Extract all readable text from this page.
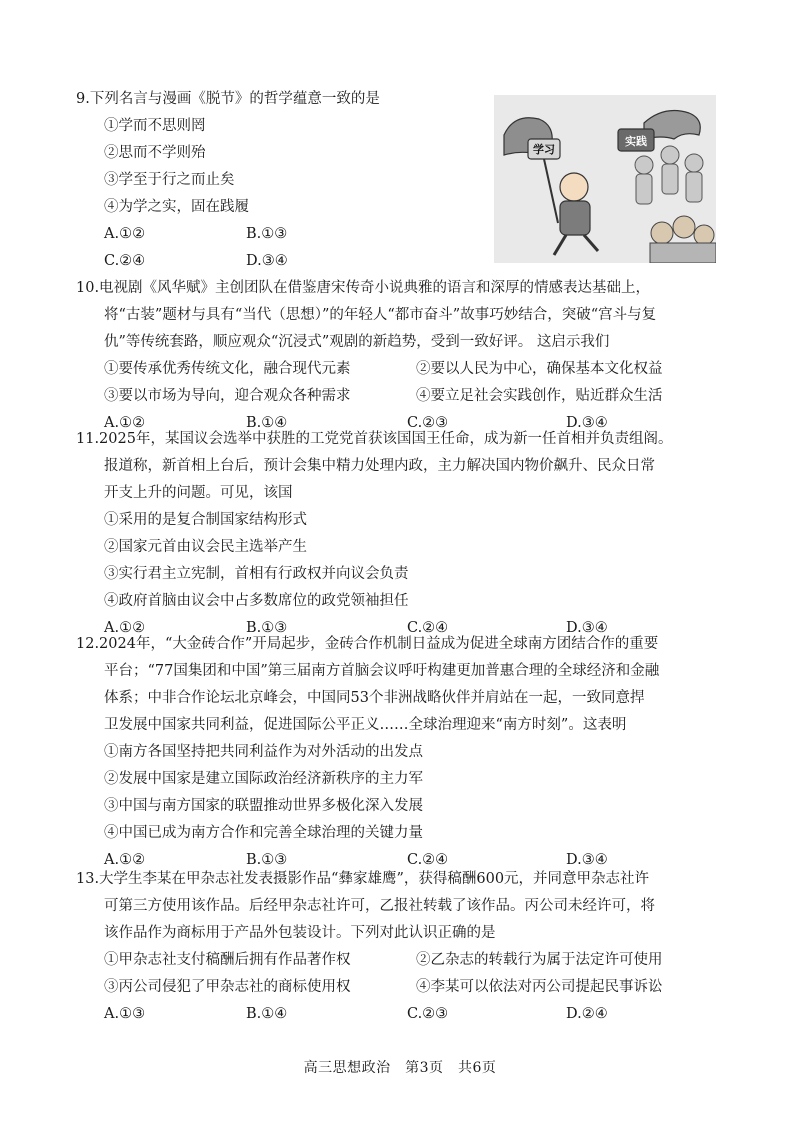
9.下列名言与漫画《脱节》的哲学蕴意一致的是
①学而不思则罔
②思而不学则殆
③学至于行之而止矣
④为学之实，固在践履
A.①②	B.①③
C.②④	D.③④
实践
学习
10.电视剧《风华赋》主创团队在借鉴唐宋传奇小说典雅的语言和深厚的情感表达基础上，
将“古装”题材与具有“当代（思想）”的年轻人“都市奋斗”故事巧妙结合，突破“宫斗与复
仇”等传统套路，顺应观众“沉浸式”观剧的新趋势，受到一致好评。 这启示我们
①要传承优秀传统文化，融合现代元素	②要以人民为中心，确保基本文化权益
③要以市场为导向，迎合观众各种需求	④要立足社会实践创作，贴近群众生活
A.①②	B.①④	C.②③	D.③④
11.2025年，某国议会选举中获胜的工党党首获该国国王任命，成为新一任首相并负责组阁。
报道称，新首相上台后，预计会集中精力处理内政，主力解决国内物价飙升、民众日常
开支上升的问题。可见，该国
①采用的是复合制国家结构形式
②国家元首由议会民主选举产生
③实行君主立宪制，首相有行政权并向议会负责
④政府首脑由议会中占多数席位的政党领袖担任
A.①②	B.①③	C.②④	D.③④
12.2024年，“大金砖合作”开局起步，金砖合作机制日益成为促进全球南方团结合作的重要
平台；“77国集团和中国”第三届南方首脑会议呼吁构建更加普惠合理的全球经济和金融
体系；中非合作论坛北京峰会，中国同53个非洲战略伙伴并肩站在一起，一致同意捍
卫发展中国家共同利益，促进国际公平正义……全球治理迎来“南方时刻”。这表明
①南方各国坚持把共同利益作为对外活动的出发点
②发展中国家是建立国际政治经济新秩序的主力军
③中国与南方国家的联盟推动世界多极化深入发展
④中国已成为南方合作和完善全球治理的关键力量
A.①②	B.①③	C.②④	D.③④
13.大学生李某在甲杂志社发表摄影作品“彝家雄鹰”，获得稿酬600元，并同意甲杂志社许
可第三方使用该作品。后经甲杂志社许可，乙报社转载了该作品。丙公司未经许可，将
该作品作为商标用于产品外包装设计。下列对此认识正确的是
①甲杂志社支付稿酬后拥有作品著作权	②乙杂志的转载行为属于法定许可使用
③丙公司侵犯了甲杂志社的商标使用权	④李某可以依法对丙公司提起民事诉讼
A.①③	B.①④	C.②③	D.②④
高三思想政治　第3页　共6页
